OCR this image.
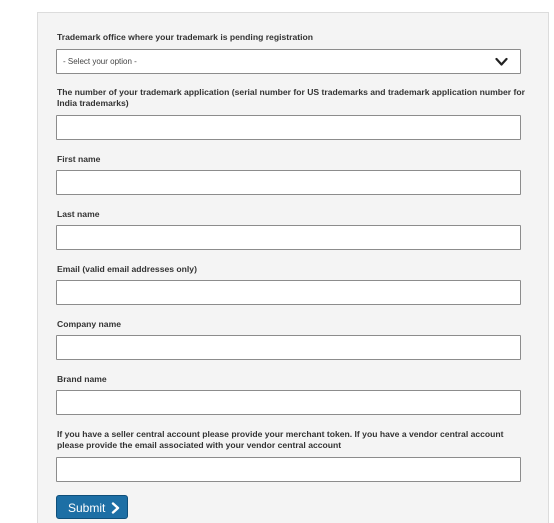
Trademark office where your trademark is pending registration
- Select your option -
The number of your trademark application (serial number for US trademarks and trademark application number for India trademarks)
First name
Last name
Email (valid email addresses only)
Company name
Brand name
If you have a seller central account please provide your merchant token. If you have a vendor central account please provide the email associated with your vendor central account
Submit
